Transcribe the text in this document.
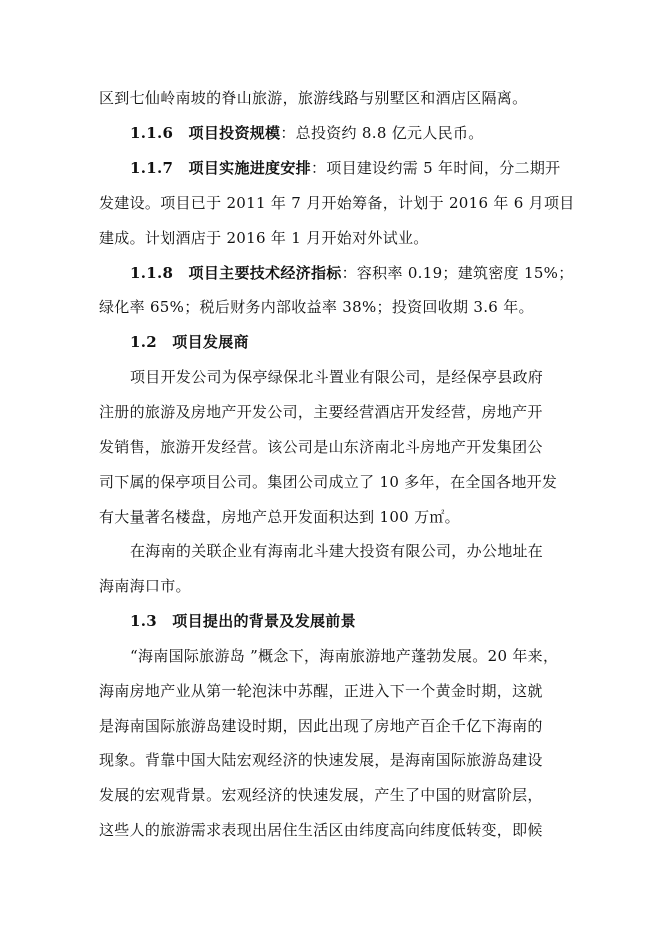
区到七仙岭南坡的脊山旅游，旅游线路与别墅区和酒店区隔离。
1.1.6　项目投资规模：总投资约 8.8 亿元人民币。
1.1.7　项目实施进度安排：项目建设约需 5 年时间，分二期开
发建设。项目已于 2011 年 7 月开始筹备，计划于 2016 年 6 月项目
建成。计划酒店于 2016 年 1 月开始对外试业。
1.1.8　项目主要技术经济指标：容积率 0.19；建筑密度 15%；
绿化率 65%；税后财务内部收益率 38%；投资回收期 3.6 年。
1.2　项目发展商
项目开发公司为保亭绿保北斗置业有限公司，是经保亭县政府
注册的旅游及房地产开发公司，主要经营酒店开发经营，房地产开
发销售，旅游开发经营。该公司是山东济南北斗房地产开发集团公
司下属的保亭项目公司。集团公司成立了 10 多年，在全国各地开发
有大量著名楼盘，房地产总开发面积达到 100 万㎡。
在海南的关联企业有海南北斗建大投资有限公司，办公地址在
海南海口市。
1.3　项目提出的背景及发展前景
“海南国际旅游岛 ”概念下，海南旅游地产蓬勃发展。20 年来，
海南房地产业从第一轮泡沫中苏醒，正进入下一个黄金时期，这就
是海南国际旅游岛建设时期，因此出现了房地产百企千亿下海南的
现象。背靠中国大陆宏观经济的快速发展，是海南国际旅游岛建设
发展的宏观背景。宏观经济的快速发展，产生了中国的财富阶层，
这些人的旅游需求表现出居住生活区由纬度高向纬度低转变，即候
